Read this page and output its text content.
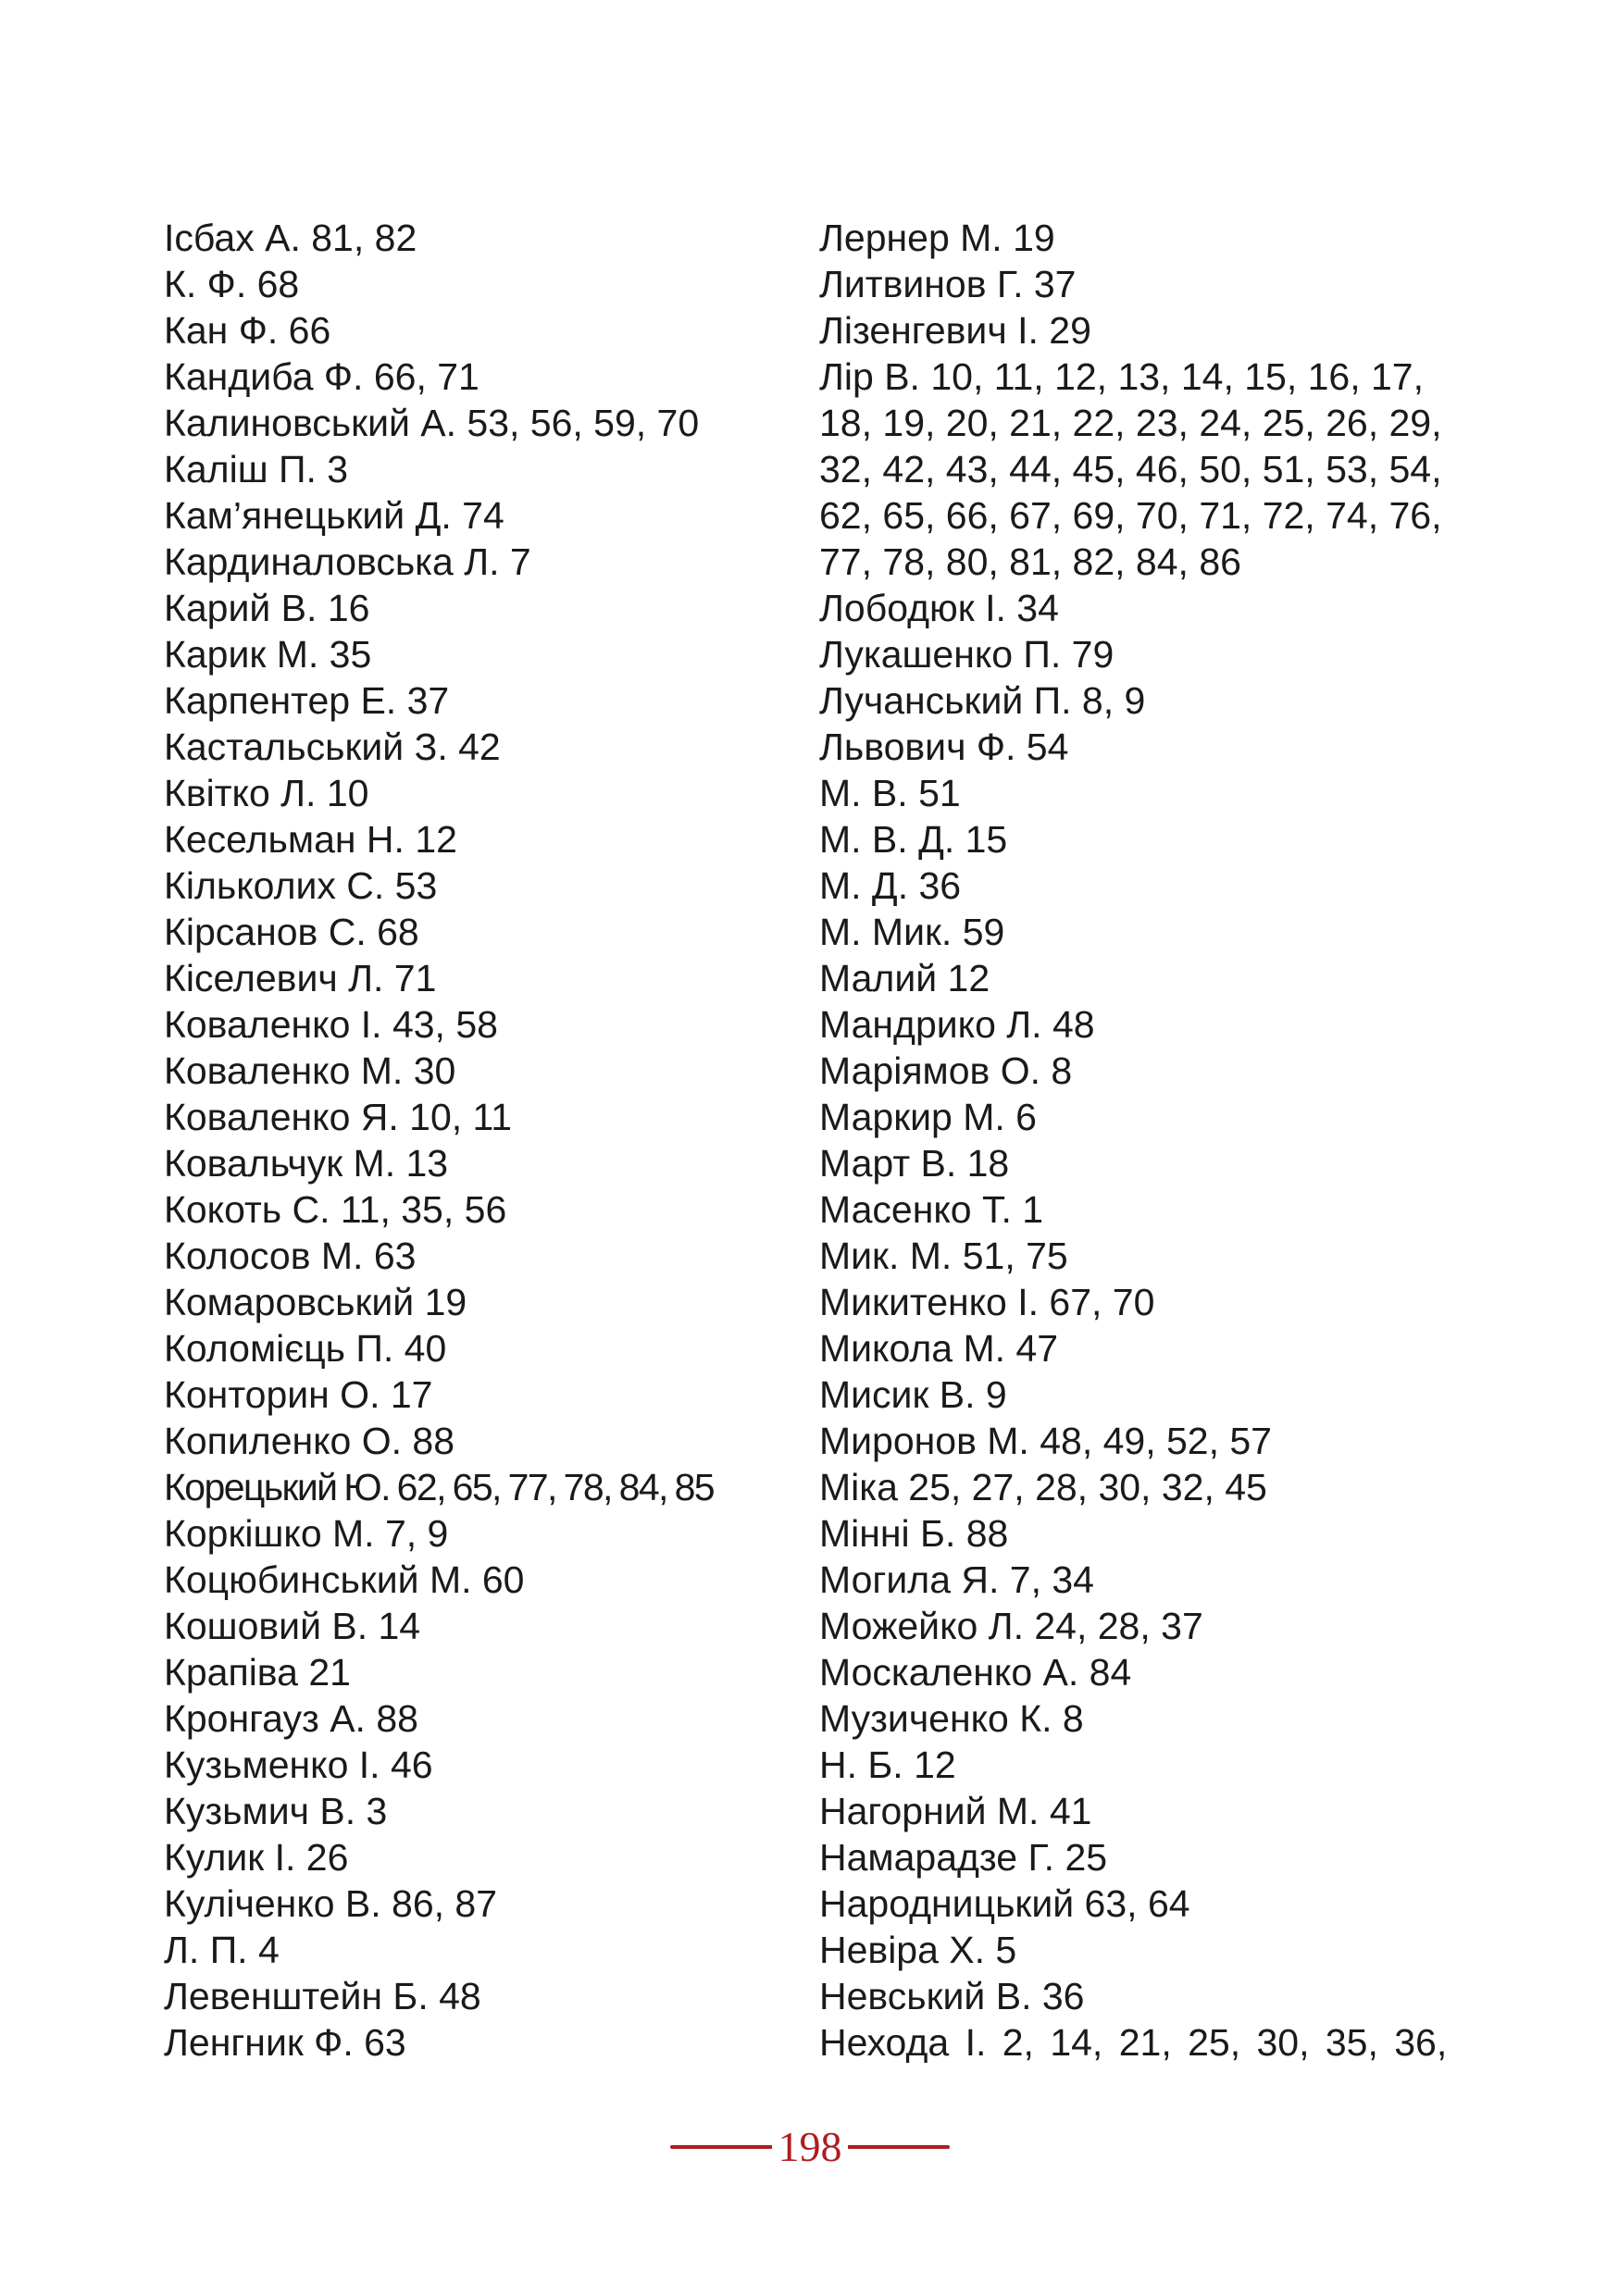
Ісбах А. 81, 82
К. Ф. 68
Кан Ф. 66
Кандиба Ф. 66, 71
Калиновський А. 53, 56, 59, 70
Каліш П. 3
Кам’янецький Д. 74
Кардиналовська Л. 7
Карий В. 16
Карик М. 35
Карпентер Е. 37
Кастальський З. 42
Квітко Л. 10
Кесельман Н. 12
Кільколих С. 53
Кірсанов С. 68
Кіселевич Л. 71
Коваленко І. 43, 58
Коваленко М. 30
Коваленко Я. 10, 11
Ковальчук М. 13
Кокоть С. 11, 35, 56
Колосов М. 63
Комаровський 19
Коломієць П. 40
Конторин О. 17
Копиленко О. 88
Корецький Ю. 62, 65, 77, 78, 84, 85
Коркішко М. 7, 9
Коцюбинський М. 60
Кошовий В. 14
Крапіва 21
Кронгауз А. 88
Кузьменко І. 46
Кузьмич В. 3
Кулик І. 26
Куліченко В. 86, 87
Л. П. 4
Левенштейн Б. 48
Ленгник Ф. 63
Лернер М. 19
Литвинов Г. 37
Лізенгевич І. 29
Лір В. 10, 11, 12, 13, 14, 15, 16, 17,
18, 19, 20, 21, 22, 23, 24, 25, 26, 29,
32, 42, 43, 44, 45, 46, 50, 51, 53, 54,
62, 65, 66, 67, 69, 70, 71, 72, 74, 76,
77, 78, 80, 81, 82, 84, 86
Лободюк І. 34
Лукашенко П. 79
Лучанський П. 8, 9
Львович Ф. 54
М. В. 51
М. В. Д. 15
М. Д. 36
М. Мик. 59
Малий 12
Мандрико Л. 48
Маріямов О. 8
Маркир М. 6
Март В. 18
Масенко Т. 1
Мик. М. 51, 75
Микитенко І. 67, 70
Микола М. 47
Мисик В. 9
Миронов М. 48, 49, 52, 57
Міка 25, 27, 28, 30, 32, 45
Мінні Б. 88
Могила Я. 7, 34
Можейко Л. 24, 28, 37
Москаленко А. 84
Музиченко К. 8
Н. Б. 12
Нагорний М. 41
Намарадзе Г. 25
Народницький 63, 64
Невіра Х. 5
Невський В. 36
Нехода І. 2, 14, 21, 25, 30, 35, 36,
198
